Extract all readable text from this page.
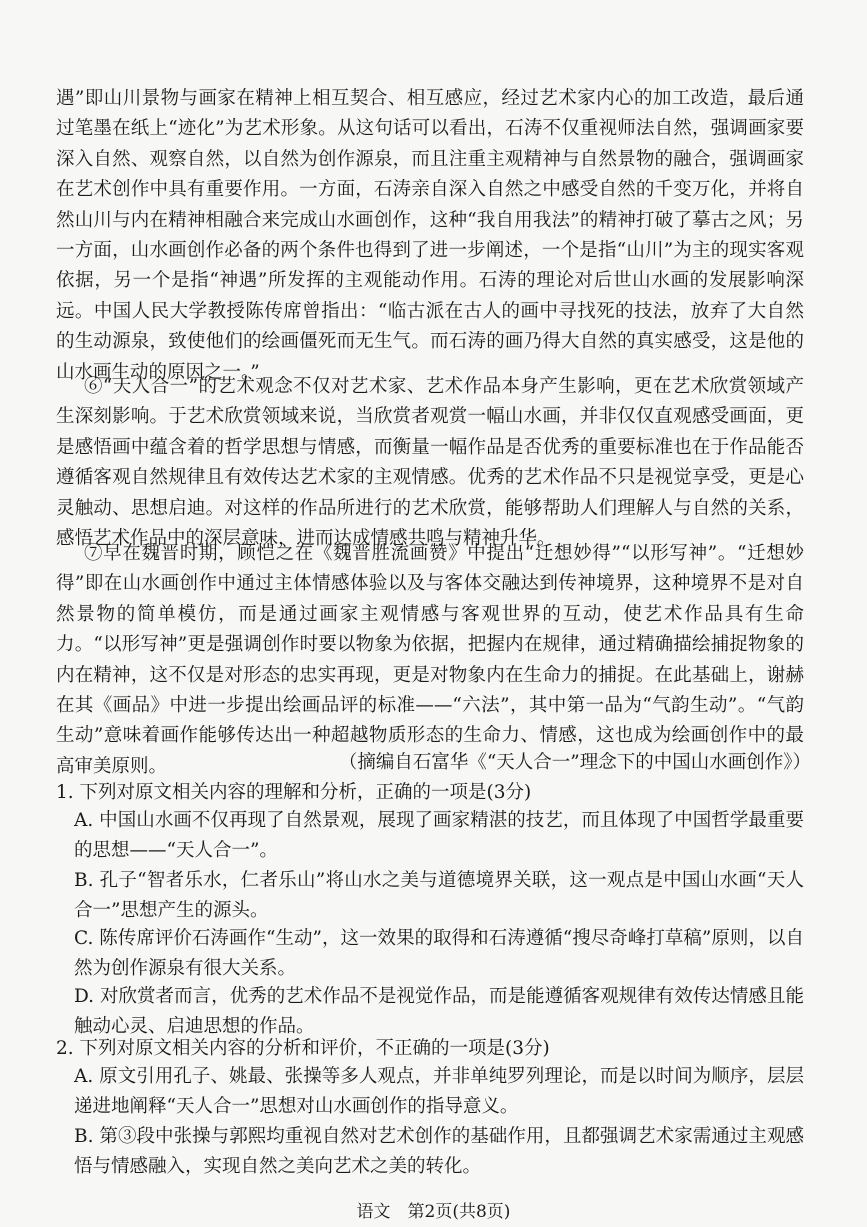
遇”即山川景物与画家在精神上相互契合、相互感应，经过艺术家内心的加工改造，最后通过笔墨在纸上“迹化”为艺术形象。从这句话可以看出，石涛不仅重视师法自然，强调画家要深入自然、观察自然，以自然为创作源泉，而且注重主观精神与自然景物的融合，强调画家在艺术创作中具有重要作用。一方面，石涛亲自深入自然之中感受自然的千变万化，并将自然山川与内在精神相融合来完成山水画创作，这种“我自用我法”的精神打破了摹古之风；另一方面，山水画创作必备的两个条件也得到了进一步阐述，一个是指“山川”为主的现实客观依据，另一个是指“神遇”所发挥的主观能动作用。石涛的理论对后世山水画的发展影响深远。中国人民大学教授陈传席曾指出：“临古派在古人的画中寻找死的技法，放弃了大自然的生动源泉，致使他们的绘画僵死而无生气。而石涛的画乃得大自然的真实感受，这是他的山水画生动的原因之一。”

⑥“天人合一”的艺术观念不仅对艺术家、艺术作品本身产生影响，更在艺术欣赏领域产生深刻影响。于艺术欣赏领域来说，当欣赏者观赏一幅山水画，并非仅仅直观感受画面，更是感悟画中蕴含着的哲学思想与情感，而衡量一幅作品是否优秀的重要标准也在于作品能否遵循客观自然规律且有效传达艺术家的主观情感。优秀的艺术作品不只是视觉享受，更是心灵触动、思想启迪。对这样的作品所进行的艺术欣赏，能够帮助人们理解人与自然的关系，感悟艺术作品中的深层意味，进而达成情感共鸣与精神升华。

⑦早在魏晋时期，顾恺之在《魏晋胜流画赞》中提出“迁想妙得”“以形写神”。“迁想妙得”即在山水画创作中通过主体情感体验以及与客体交融达到传神境界，这种境界不是对自然景物的简单模仿，而是通过画家主观情感与客观世界的互动，使艺术作品具有生命力。“以形写神”更是强调创作时要以物象为依据，把握内在规律，通过精确描绘捕捉物象的内在精神，这不仅是对形态的忠实再现，更是对物象内在生命力的捕捉。在此基础上，谢赫在其《画品》中进一步提出绘画品评的标准——“六法”，其中第一品为“气韵生动”。“气韵生动”意味着画作能够传达出一种超越物质形态的生命力、情感，这也成为绘画创作中的最高审美原则。	（摘编自石富华《“天人合一”理念下的中国山水画创作》）

1. 下列对原文相关内容的理解和分析，正确的一项是(3分)

A. 中国山水画不仅再现了自然景观，展现了画家精湛的技艺，而且体现了中国哲学最重要的思想——“天人合一”。

B. 孔子“智者乐水，仁者乐山”将山水之美与道德境界关联，这一观点是中国山水画“天人合一”思想产生的源头。

C. 陈传席评价石涛画作“生动”，这一效果的取得和石涛遵循“搜尽奇峰打草稿”原则，以自然为创作源泉有很大关系。

D. 对欣赏者而言，优秀的艺术作品不是视觉作品，而是能遵循客观规律有效传达情感且能触动心灵、启迪思想的作品。

2. 下列对原文相关内容的分析和评价，不正确的一项是(3分)

A. 原文引用孔子、姚最、张操等多人观点，并非单纯罗列理论，而是以时间为顺序，层层递进地阐释“天人合一”思想对山水画创作的指导意义。

B. 第③段中张操与郭熙均重视自然对艺术创作的基础作用，且都强调艺术家需通过主观感悟与情感融入，实现自然之美向艺术之美的转化。

语文　第2页(共8页)
